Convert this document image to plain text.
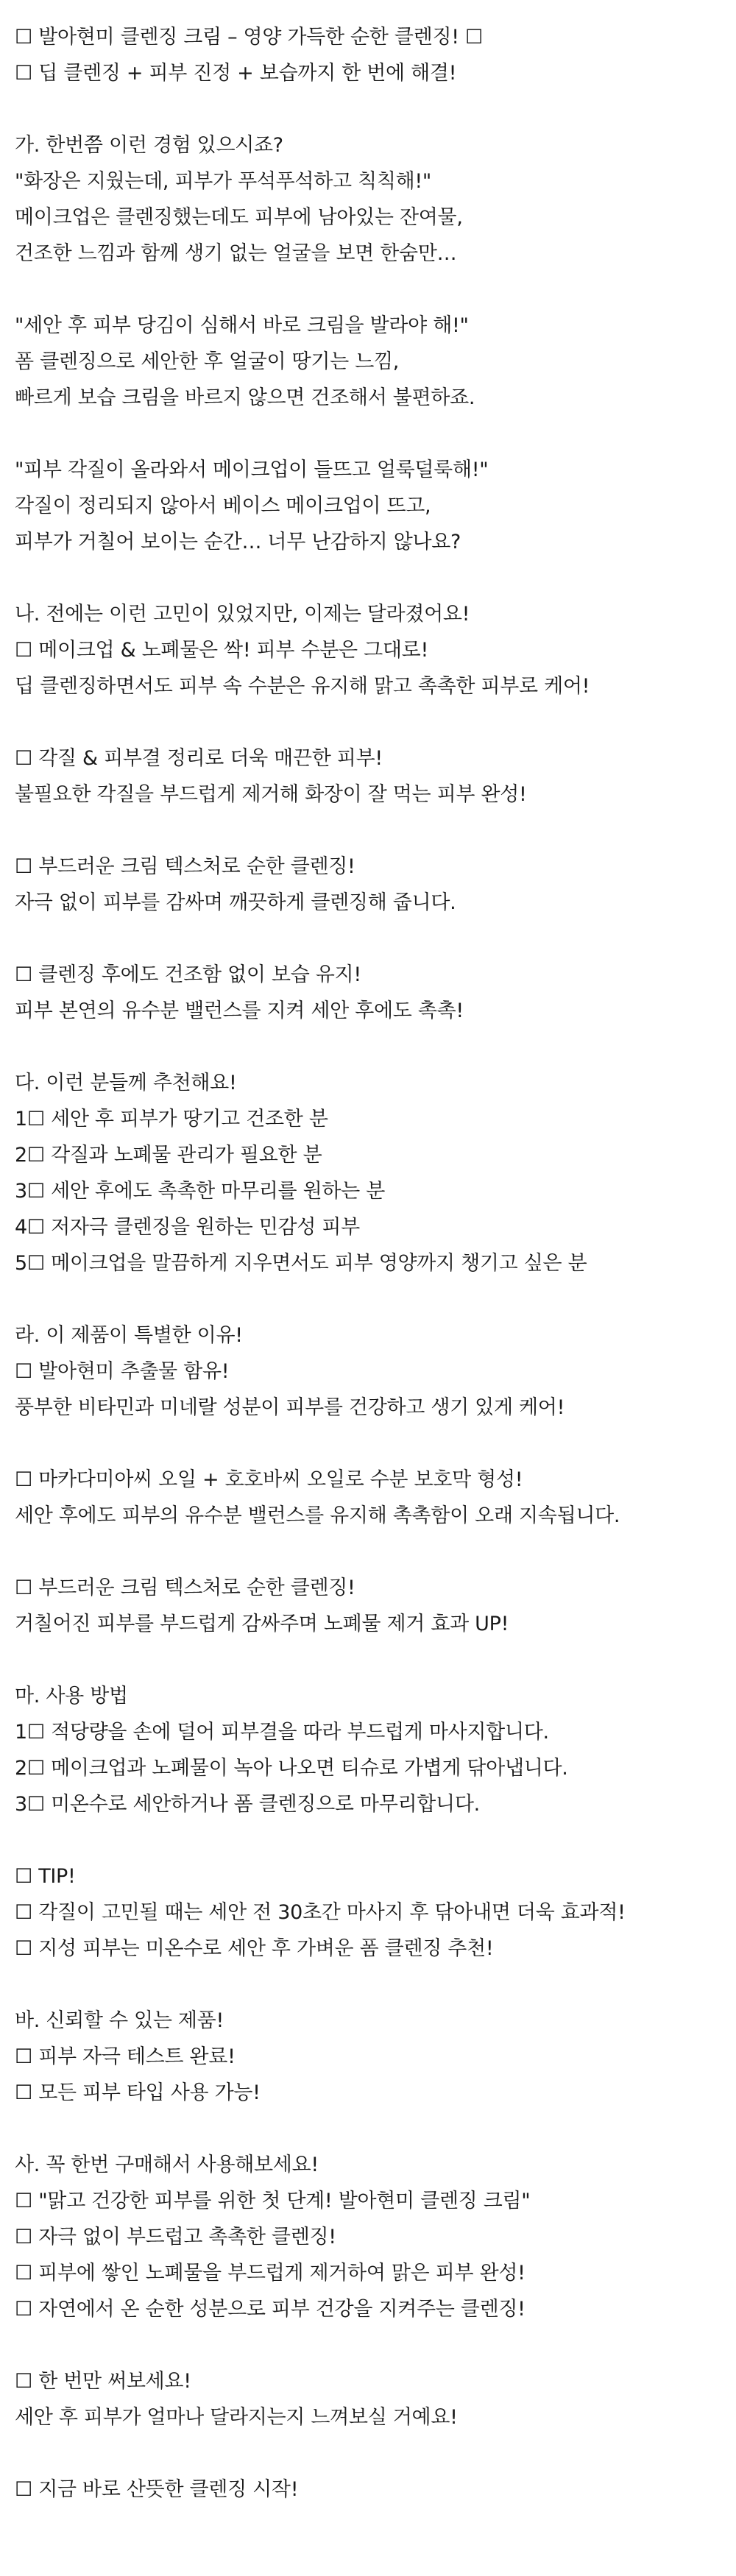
☐ 발아현미 클렌징 크림 – 영양 가득한 순한 클렌징! ☐
☐ 딥 클렌징 + 피부 진정 + 보습까지 한 번에 해결!
가. 한번쯤 이런 경험 있으시죠?
"화장은 지웠는데, 피부가 푸석푸석하고 칙칙해!"
메이크업은 클렌징했는데도 피부에 남아있는 잔여물,
건조한 느낌과 함께 생기 없는 얼굴을 보면 한숨만…
"세안 후 피부 당김이 심해서 바로 크림을 발라야 해!"
폼 클렌징으로 세안한 후 얼굴이 땅기는 느낌,
빠르게 보습 크림을 바르지 않으면 건조해서 불편하죠.
"피부 각질이 올라와서 메이크업이 들뜨고 얼룩덜룩해!"
각질이 정리되지 않아서 베이스 메이크업이 뜨고,
피부가 거칠어 보이는 순간… 너무 난감하지 않나요?
나. 전에는 이런 고민이 있었지만, 이제는 달라졌어요!
☐ 메이크업 & 노폐물은 싹! 피부 수분은 그대로!
딥 클렌징하면서도 피부 속 수분은 유지해 맑고 촉촉한 피부로 케어!
☐ 각질 & 피부결 정리로 더욱 매끈한 피부!
불필요한 각질을 부드럽게 제거해 화장이 잘 먹는 피부 완성!
☐ 부드러운 크림 텍스처로 순한 클렌징!
자극 없이 피부를 감싸며 깨끗하게 클렌징해 줍니다.
☐ 클렌징 후에도 건조함 없이 보습 유지!
피부 본연의 유수분 밸런스를 지켜 세안 후에도 촉촉!
다. 이런 분들께 추천해요!
1☐ 세안 후 피부가 땅기고 건조한 분
2☐ 각질과 노폐물 관리가 필요한 분
3☐ 세안 후에도 촉촉한 마무리를 원하는 분
4☐ 저자극 클렌징을 원하는 민감성 피부
5☐ 메이크업을 말끔하게 지우면서도 피부 영양까지 챙기고 싶은 분
라. 이 제품이 특별한 이유!
☐ 발아현미 추출물 함유!
풍부한 비타민과 미네랄 성분이 피부를 건강하고 생기 있게 케어!
☐ 마카다미아씨 오일 + 호호바씨 오일로 수분 보호막 형성!
세안 후에도 피부의 유수분 밸런스를 유지해 촉촉함이 오래 지속됩니다.
☐ 부드러운 크림 텍스처로 순한 클렌징!
거칠어진 피부를 부드럽게 감싸주며 노폐물 제거 효과 UP!
마. 사용 방법
1☐ 적당량을 손에 덜어 피부결을 따라 부드럽게 마사지합니다.
2☐ 메이크업과 노폐물이 녹아 나오면 티슈로 가볍게 닦아냅니다.
3☐ 미온수로 세안하거나 폼 클렌징으로 마무리합니다.
☐ TIP!
☐ 각질이 고민될 때는 세안 전 30초간 마사지 후 닦아내면 더욱 효과적!
☐ 지성 피부는 미온수로 세안 후 가벼운 폼 클렌징 추천!
바. 신뢰할 수 있는 제품!
☐ 피부 자극 테스트 완료!
☐ 모든 피부 타입 사용 가능!
사. 꼭 한번 구매해서 사용해보세요!
☐ "맑고 건강한 피부를 위한 첫 단계! 발아현미 클렌징 크림"
☐ 자극 없이 부드럽고 촉촉한 클렌징!
☐ 피부에 쌓인 노폐물을 부드럽게 제거하여 맑은 피부 완성!
☐ 자연에서 온 순한 성분으로 피부 건강을 지켜주는 클렌징!
☐ 한 번만 써보세요!
세안 후 피부가 얼마나 달라지는지 느껴보실 거예요!
☐ 지금 바로 산뜻한 클렌징 시작!
